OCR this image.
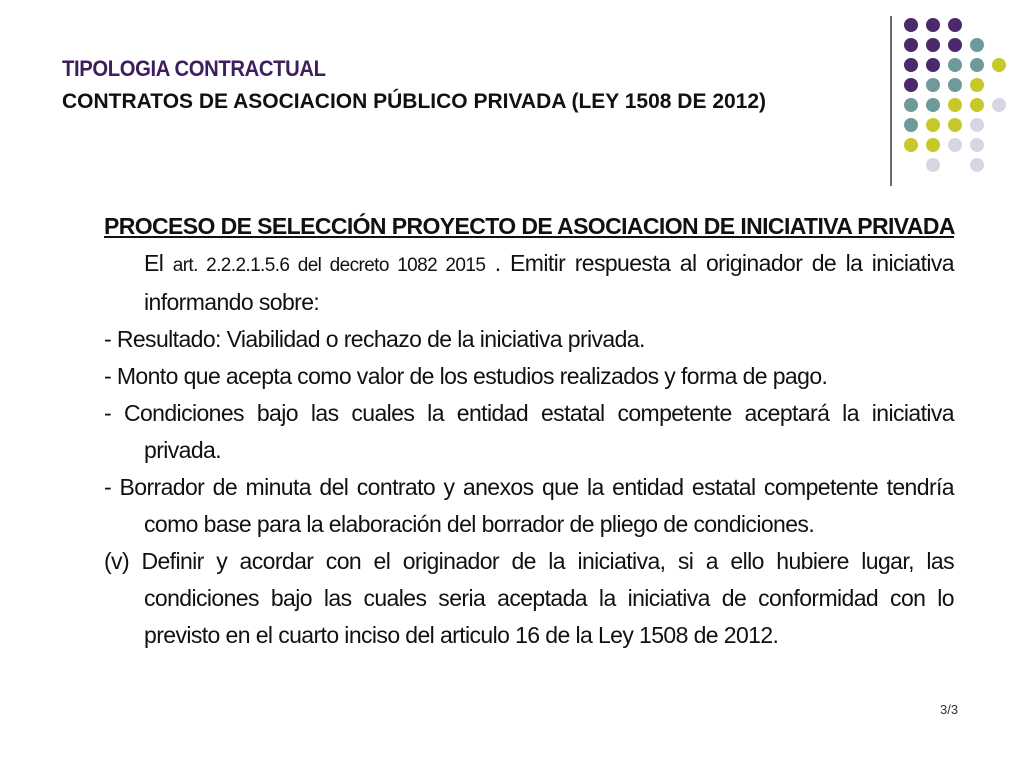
TIPOLOGIA CONTRACTUAL
CONTRATOS DE ASOCIACION PÚBLICO PRIVADA (LEY 1508 DE 2012)

PROCESO DE SELECCIÓN PROYECTO DE ASOCIACION DE INICIATIVA PRIVADA El art. 2.2.2.1.5.6 del decreto 1082 2015 . Emitir respuesta al originador de la iniciativa informando sobre:

- Resultado: Viabilidad o rechazo de la iniciativa privada.

- Monto que acepta como valor de los estudios realizados y forma de pago.

- Condiciones bajo las cuales la entidad estatal competente aceptará la iniciativa privada.

- Borrador de minuta del contrato y anexos que la entidad estatal competente tendría como base para la elaboración del borrador de pliego de condiciones.

(v) Definir y acordar con el originador de la iniciativa, si a ello hubiere lugar, las condiciones bajo las cuales seria aceptada la iniciativa de conformidad con lo previsto en el cuarto inciso del articulo 16 de la Ley 1508 de 2012.

3/3
